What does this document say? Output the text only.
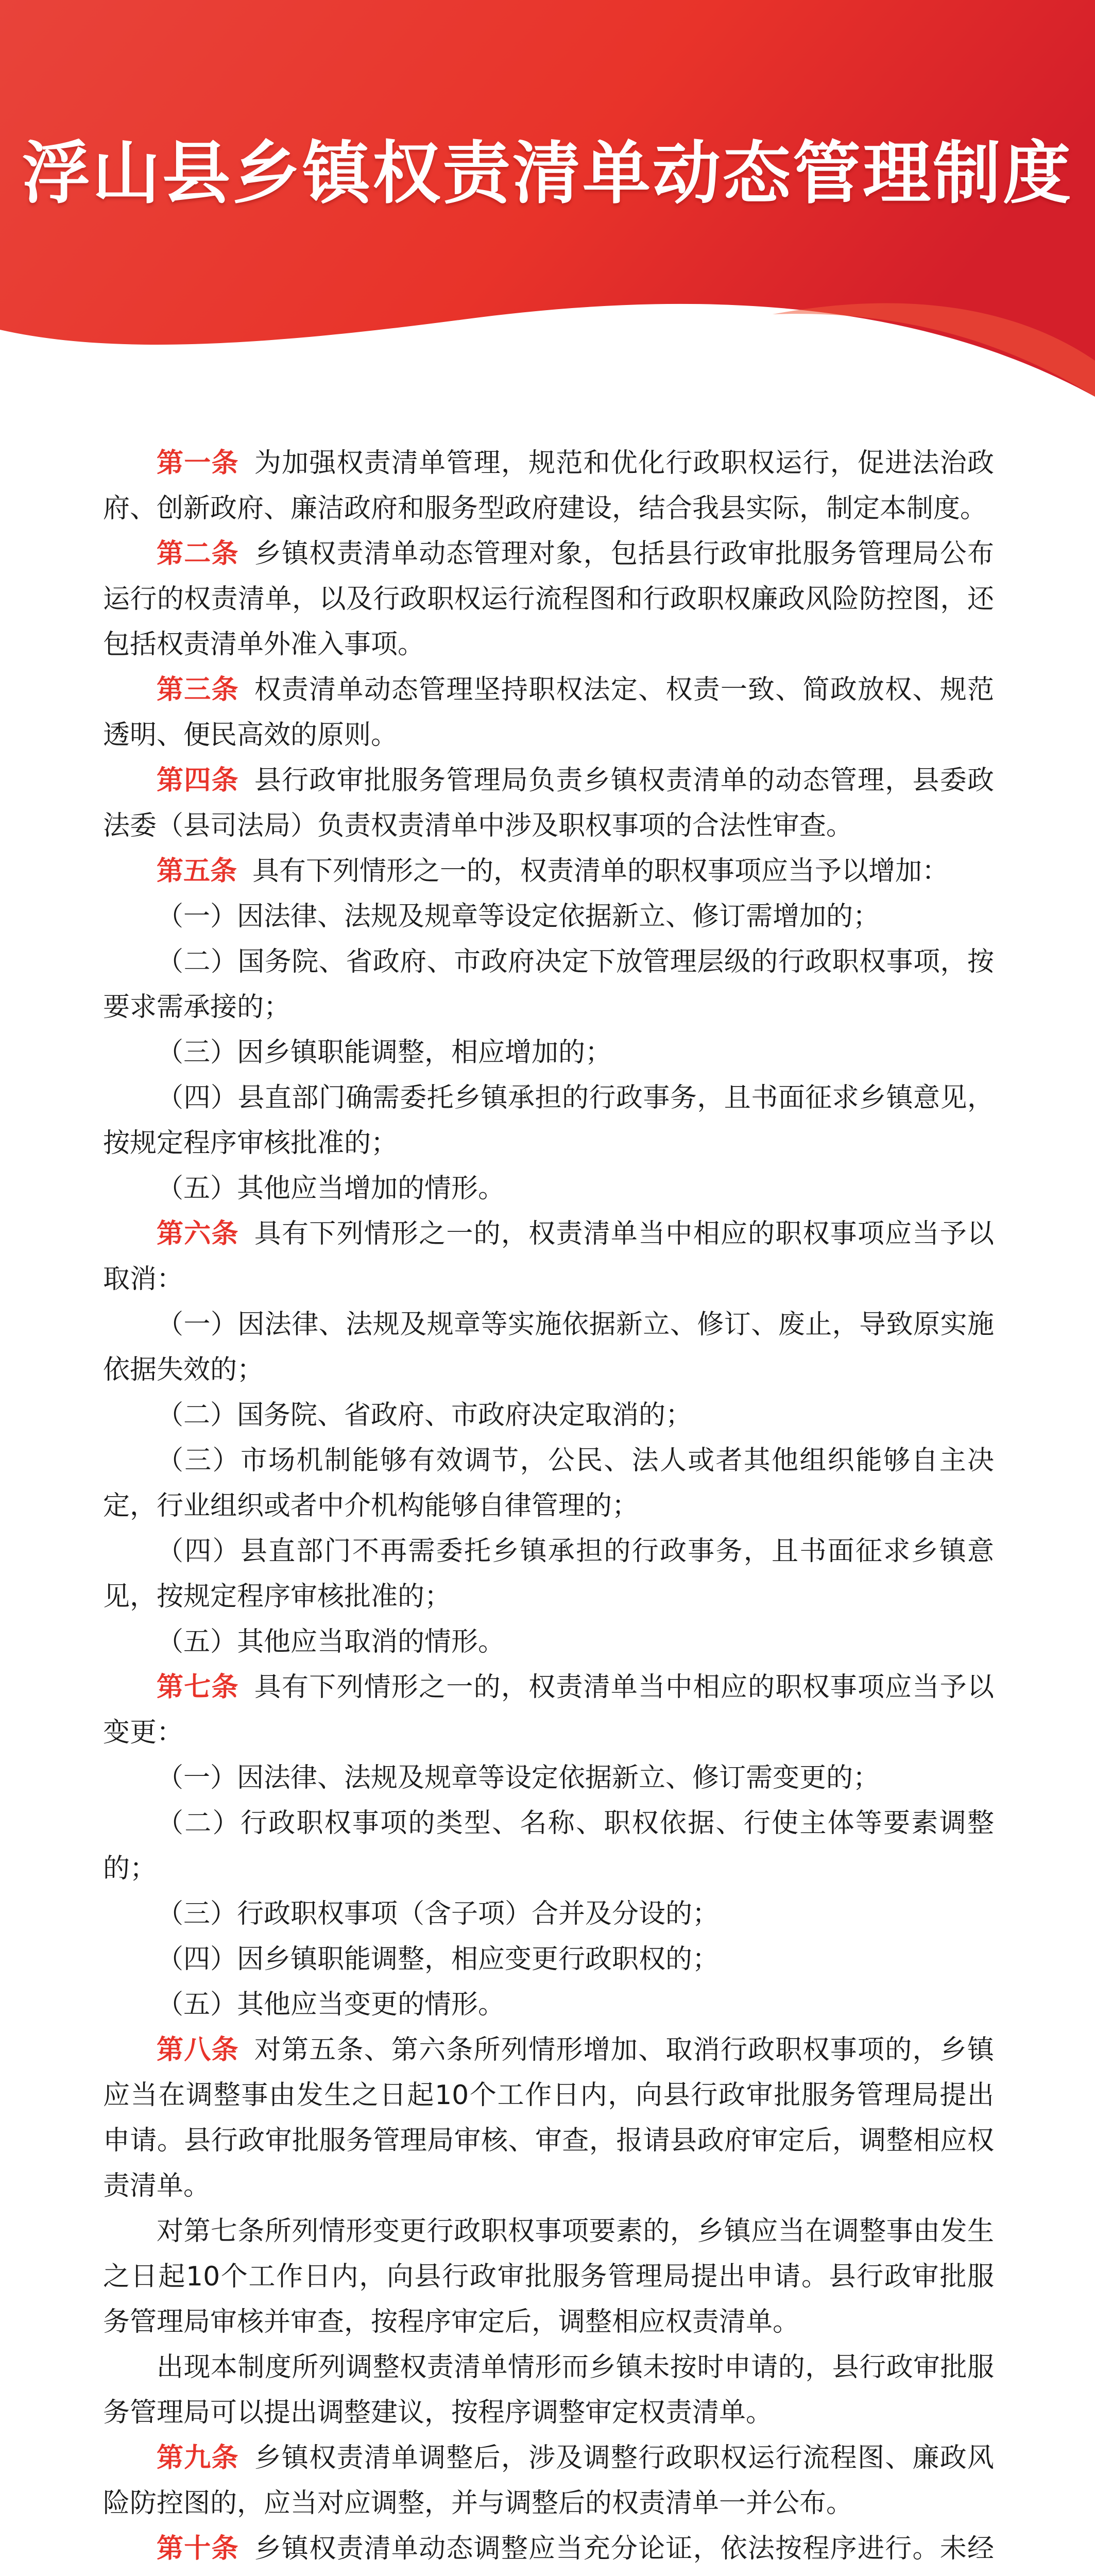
浮山县乡镇权责清单动态管理制度

第一条 为加强权责清单管理，规范和优化行政职权运行，促进法治政府、创新政府、廉洁政府和服务型政府建设，结合我县实际，制定本制度。

第二条 乡镇权责清单动态管理对象，包括县行政审批服务管理局公布运行的权责清单，以及行政职权运行流程图和行政职权廉政风险防控图，还包括权责清单外准入事项。

第三条 权责清单动态管理坚持职权法定、权责一致、简政放权、规范透明、便民高效的原则。

第四条 县行政审批服务管理局负责乡镇权责清单的动态管理，县委政法委（县司法局）负责权责清单中涉及职权事项的合法性审查。

第五条 具有下列情形之一的，权责清单的职权事项应当予以增加：

（一）因法律、法规及规章等设定依据新立、修订需增加的；

（二）国务院、省政府、市政府决定下放管理层级的行政职权事项，按要求需承接的；

（三）因乡镇职能调整，相应增加的；

（四）县直部门确需委托乡镇承担的行政事务，且书面征求乡镇意见，按规定程序审核批准的；

（五）其他应当增加的情形。

第六条 具有下列情形之一的，权责清单当中相应的职权事项应当予以取消：

（一）因法律、法规及规章等实施依据新立、修订、废止，导致原实施依据失效的；

（二）国务院、省政府、市政府决定取消的；

（三）市场机制能够有效调节，公民、法人或者其他组织能够自主决定，行业组织或者中介机构能够自律管理的；

（四）县直部门不再需委托乡镇承担的行政事务，且书面征求乡镇意见，按规定程序审核批准的；

（五）其他应当取消的情形。

第七条 具有下列情形之一的，权责清单当中相应的职权事项应当予以变更：

（一）因法律、法规及规章等设定依据新立、修订需变更的；

（二）行政职权事项的类型、名称、职权依据、行使主体等要素调整的；

（三）行政职权事项（含子项）合并及分设的；

（四）因乡镇职能调整，相应变更行政职权的；

（五）其他应当变更的情形。

第八条 对第五条、第六条所列情形增加、取消行政职权事项的，乡镇应当在调整事由发生之日起10个工作日内，向县行政审批服务管理局提出申请。县行政审批服务管理局审核、审查，报请县政府审定后，调整相应权责清单。

对第七条所列情形变更行政职权事项要素的，乡镇应当在调整事由发生之日起10个工作日内，向县行政审批服务管理局提出申请。县行政审批服务管理局审核并审查，按程序审定后，调整相应权责清单。

出现本制度所列调整权责清单情形而乡镇未按时申请的，县行政审批服务管理局可以提出调整建议，按程序调整审定权责清单。

第九条 乡镇权责清单调整后，涉及调整行政职权运行流程图、廉政风险防控图的，应当对应调整，并与调整后的权责清单一并公布。

第十条 乡镇权责清单动态调整应当充分论证，依法按程序进行。未经
